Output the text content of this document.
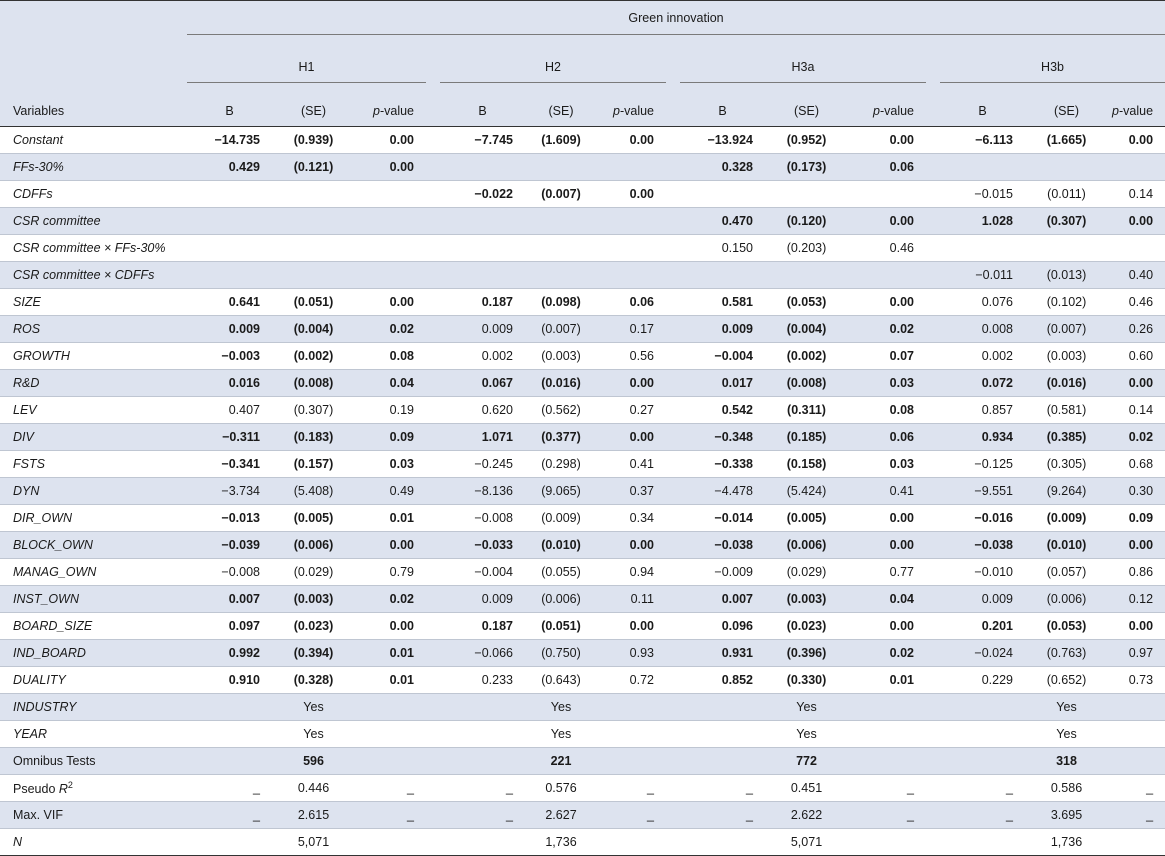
	Green innovation														
	H1				H2				H3a				H3b		
Variables	B	(SE)	p-value		B	(SE)	p-value		B	(SE)	p-value		B	(SE)	p-value
Constant	−14.735	(0.939)	0.00		−7.745	(1.609)	0.00		−13.924	(0.952)	0.00		−6.113	(1.665)	0.00
FFs-30%	0.429	(0.121)	0.00						0.328	(0.173)	0.06				
CDFFs					−0.022	(0.007)	0.00						−0.015	(0.011)	0.14
CSR committee									0.470	(0.120)	0.00		1.028	(0.307)	0.00
CSR committee × FFs-30%									0.150	(0.203)	0.46				
CSR committee × CDFFs													−0.011	(0.013)	0.40
SIZE	0.641	(0.051)	0.00		0.187	(0.098)	0.06		0.581	(0.053)	0.00		0.076	(0.102)	0.46
ROS	0.009	(0.004)	0.02		0.009	(0.007)	0.17		0.009	(0.004)	0.02		0.008	(0.007)	0.26
GROWTH	−0.003	(0.002)	0.08		0.002	(0.003)	0.56		−0.004	(0.002)	0.07		0.002	(0.003)	0.60
R&D	0.016	(0.008)	0.04		0.067	(0.016)	0.00		0.017	(0.008)	0.03		0.072	(0.016)	0.00
LEV	0.407	(0.307)	0.19		0.620	(0.562)	0.27		0.542	(0.311)	0.08		0.857	(0.581)	0.14
DIV	−0.311	(0.183)	0.09		1.071	(0.377)	0.00		−0.348	(0.185)	0.06		0.934	(0.385)	0.02
FSTS	−0.341	(0.157)	0.03		−0.245	(0.298)	0.41		−0.338	(0.158)	0.03		−0.125	(0.305)	0.68
DYN	−3.734	(5.408)	0.49		−8.136	(9.065)	0.37		−4.478	(5.424)	0.41		−9.551	(9.264)	0.30
DIR_OWN	−0.013	(0.005)	0.01		−0.008	(0.009)	0.34		−0.014	(0.005)	0.00		−0.016	(0.009)	0.09
BLOCK_OWN	−0.039	(0.006)	0.00		−0.033	(0.010)	0.00		−0.038	(0.006)	0.00		−0.038	(0.010)	0.00
MANAG_OWN	−0.008	(0.029)	0.79		−0.004	(0.055)	0.94		−0.009	(0.029)	0.77		−0.010	(0.057)	0.86
INST_OWN	0.007	(0.003)	0.02		0.009	(0.006)	0.11		0.007	(0.003)	0.04		0.009	(0.006)	0.12
BOARD_SIZE	0.097	(0.023)	0.00		0.187	(0.051)	0.00		0.096	(0.023)	0.00		0.201	(0.053)	0.00
IND_BOARD	0.992	(0.394)	0.01		−0.066	(0.750)	0.93		0.931	(0.396)	0.02		−0.024	(0.763)	0.97
DUALITY	0.910	(0.328)	0.01		0.233	(0.643)	0.72		0.852	(0.330)	0.01		0.229	(0.652)	0.73
INDUSTRY		Yes				Yes				Yes				Yes	
YEAR		Yes				Yes				Yes				Yes	
Omnibus Tests		596				221				772				318	
Pseudo $R^2$	_	0.446	_		_	0.576	_		_	0.451	_		_	0.586	_
Max. VIF	_	2.615	_		_	2.627	_		_	2.622	_		_	3.695	_
N		5,071				1,736				5,071				1,736	
